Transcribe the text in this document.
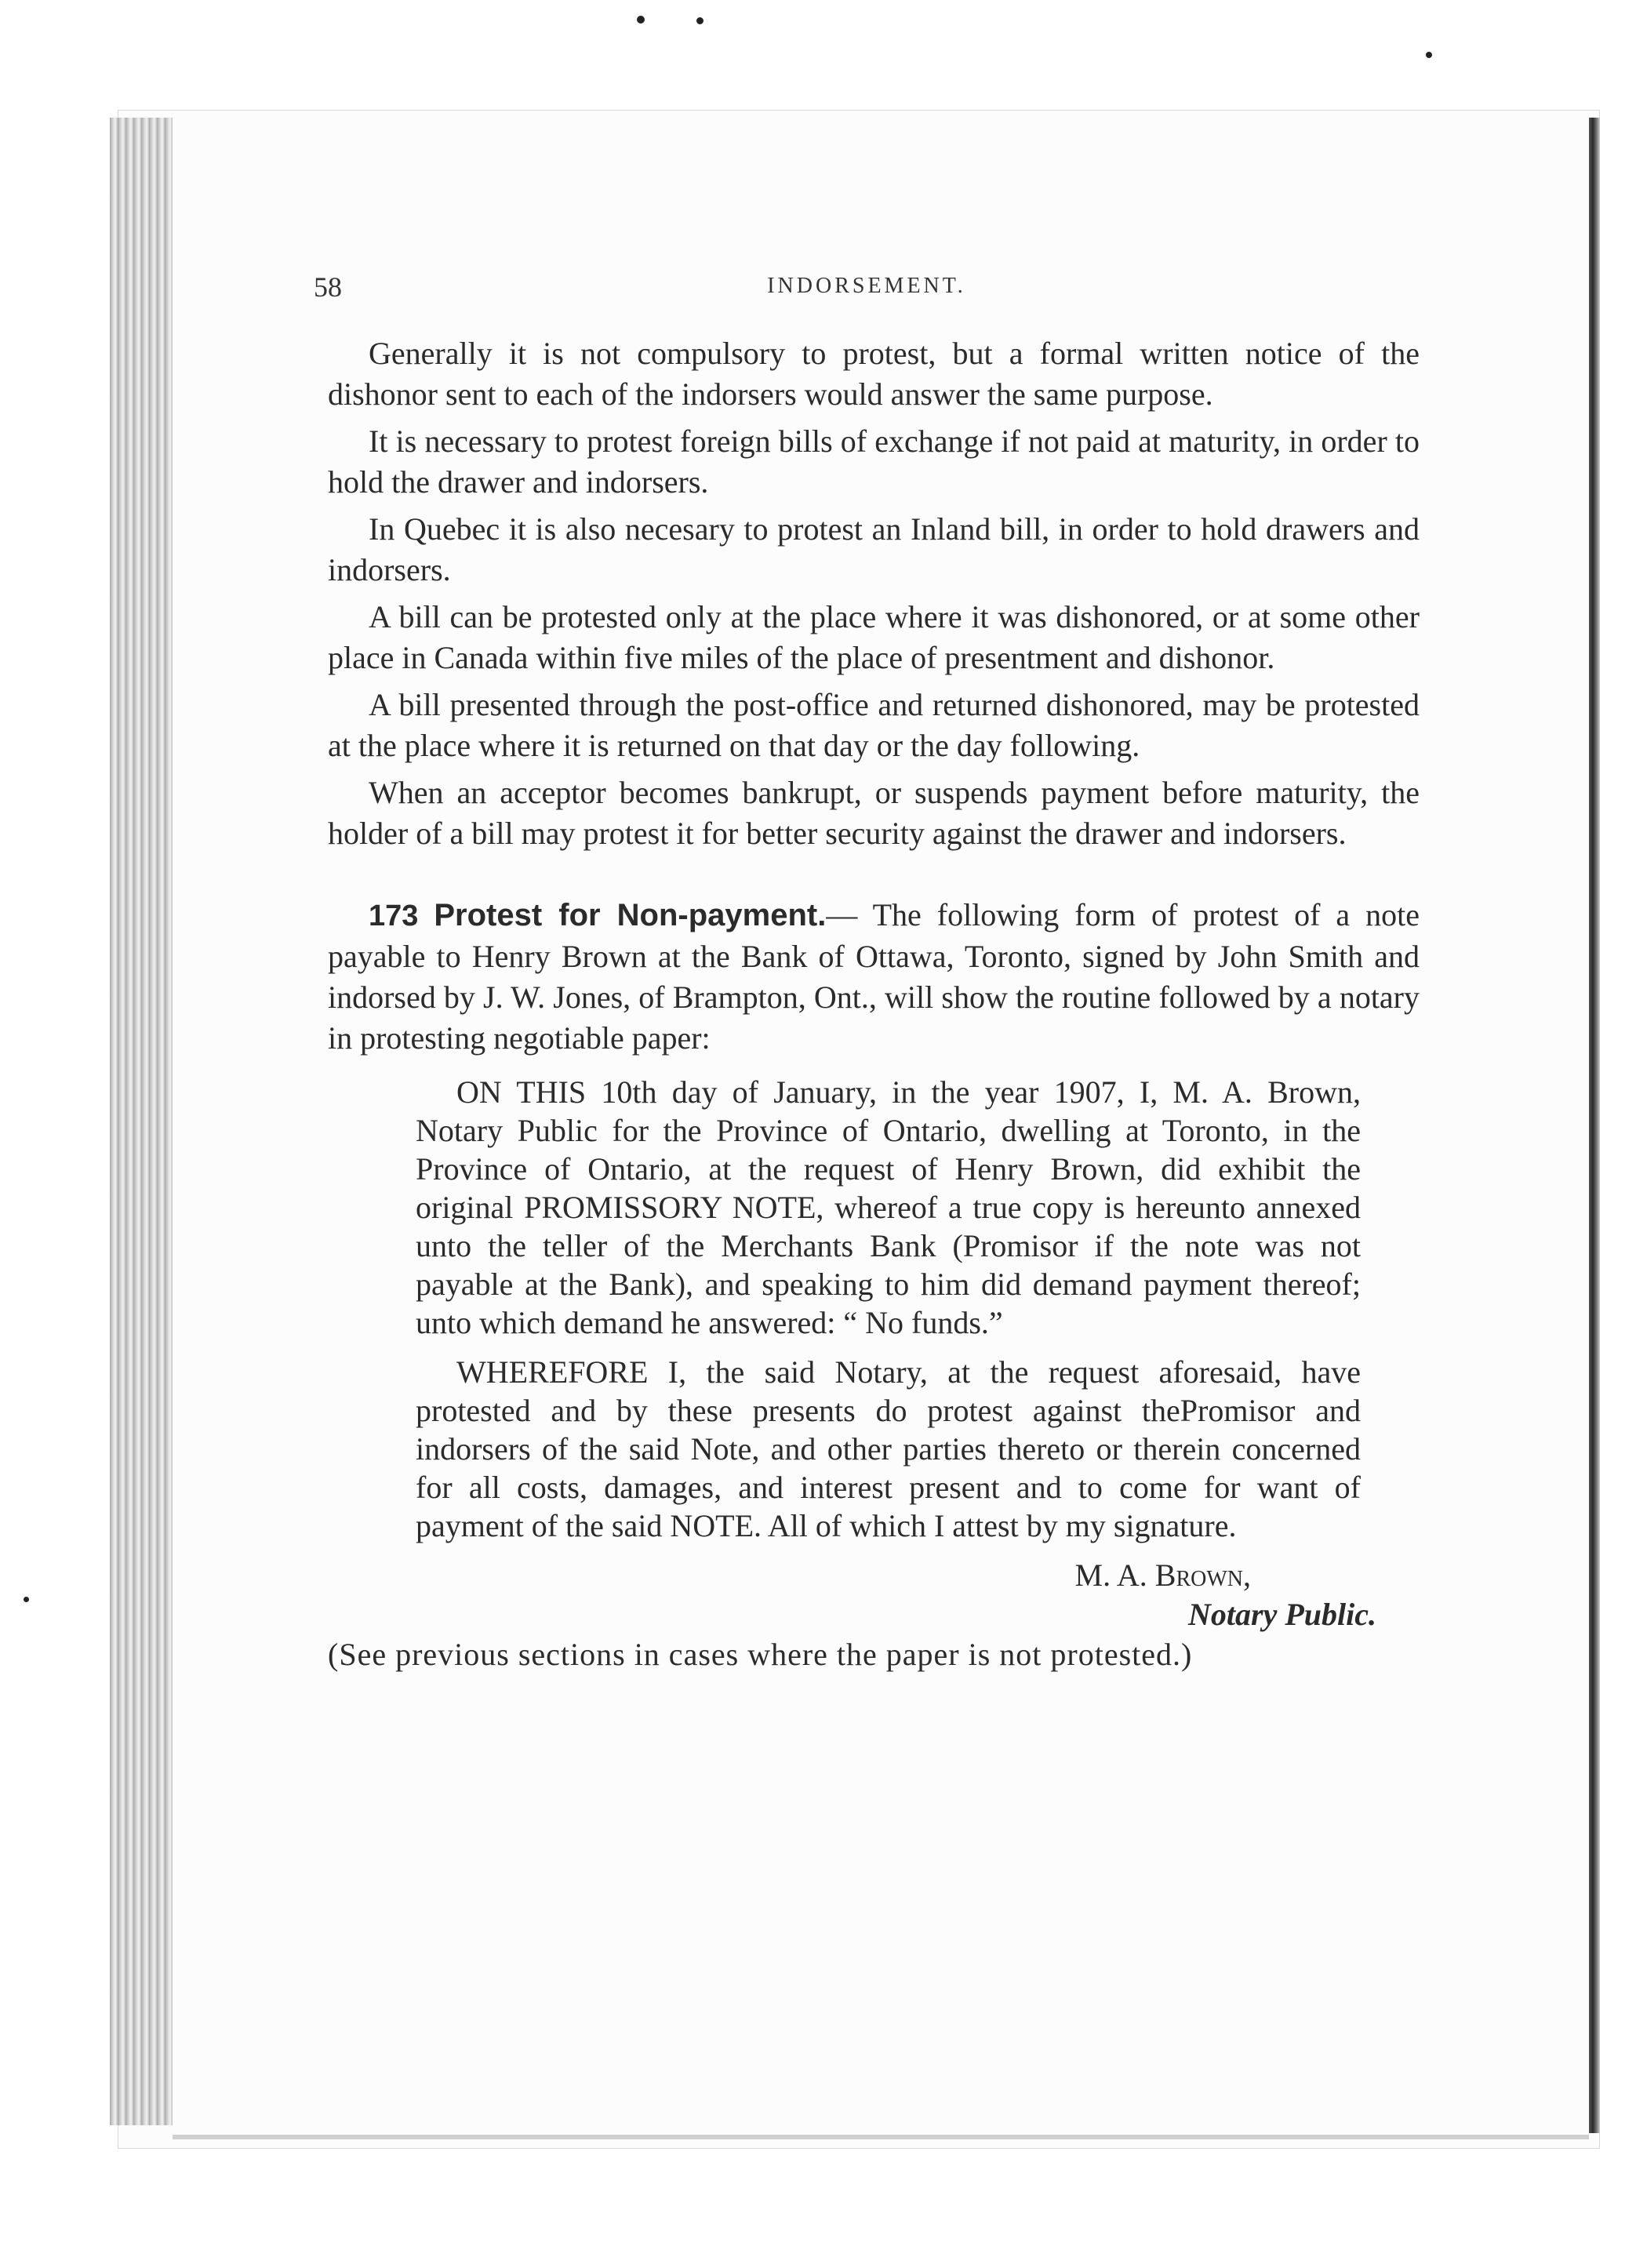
58	INDORSEMENT.

Generally it is not compulsory to protest, but a formal written notice of the dishonor sent to each of the indorsers would answer the same purpose.

It is necessary to protest foreign bills of exchange if not paid at maturity, in order to hold the drawer and indorsers.

In Quebec it is also necesary to protest an Inland bill, in order to hold drawers and indorsers.

A bill can be protested only at the place where it was dishonored, or at some other place in Canada within five miles of the place of presentment and dishonor.

A bill presented through the post-office and returned dishonored, may be protested at the place where it is returned on that day or the day following.

When an acceptor becomes bankrupt, or suspends payment before maturity, the holder of a bill may protest it for better security against the drawer and indorsers.

173 Protest for Non-payment.— The following form of protest of a note payable to Henry Brown at the Bank of Ottawa, Toronto, signed by John Smith and indorsed by J. W. Jones, of Brampton, Ont., will show the routine followed by a notary in protesting negotiable paper:

ON THIS 10th day of January, in the year 1907, I, M. A. Brown, Notary Public for the Province of Ontario, dwelling at Toronto, in the Province of Ontario, at the request of Henry Brown, did exhibit the original PROMISSORY NOTE, whereof a true copy is hereunto annexed unto the teller of the Merchants Bank (Promisor if the note was not payable at the Bank), and speaking to him did demand payment thereof; unto which demand he answered: “ No funds.”

WHEREFORE I, the said Notary, at the request aforesaid, have protested and by these presents do protest against thePromisor and indorsers of the said Note, and other parties thereto or therein concerned for all costs, damages, and interest present and to come for want of payment of the said NOTE. All of which I attest by my signature.

M. A. Brown,
Notary Public.

(See previous sections in cases where the paper is not protested.)
